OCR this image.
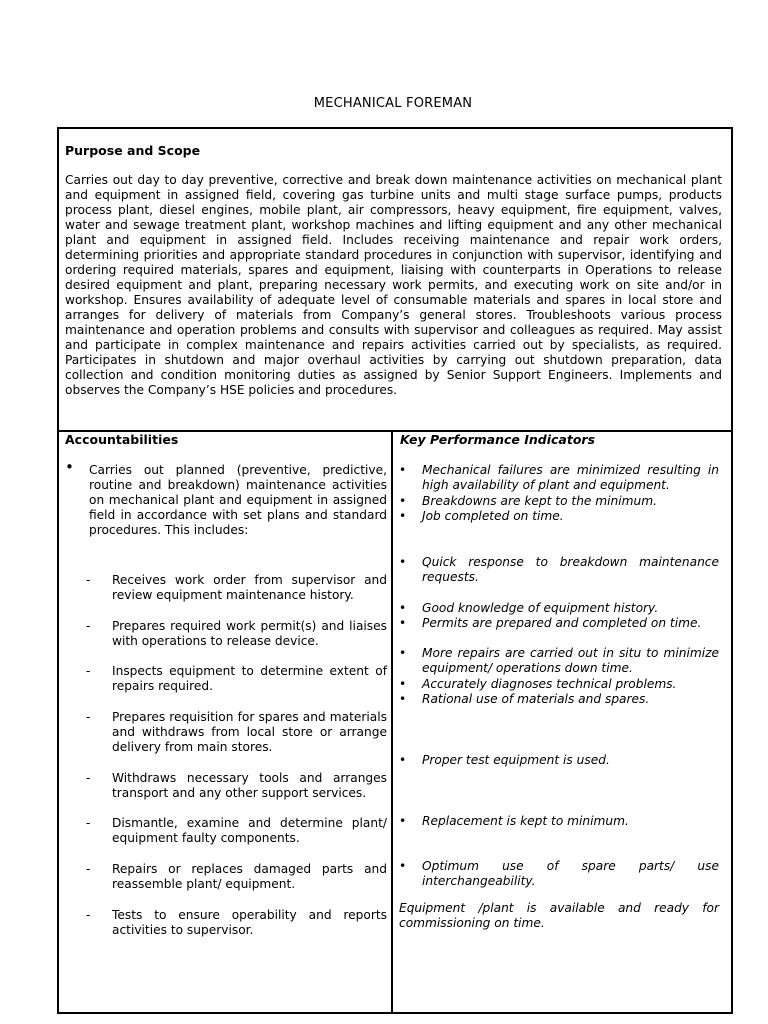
MECHANICAL FOREMAN
Purpose and Scope

Carries out day to day preventive, corrective and break down maintenance activities on mechanical plant and equipment in assigned field, covering gas turbine units and multi stage surface pumps, products process plant, diesel engines, mobile plant, air compressors, heavy equipment, fire equipment, valves, water and sewage treatment plant, workshop machines and lifting equipment and any other mechanical plant and equipment in assigned field. Includes receiving maintenance and repair work orders, determining priorities and appropriate standard procedures in conjunction with supervisor, identifying and ordering required materials, spares and equipment, liaising with counterparts in Operations to release desired equipment and plant, preparing necessary work permits, and executing work on site and/or in workshop. Ensures availability of adequate level of consumable materials and spares in local store and arranges for delivery of materials from Company’s general stores. Troubleshoots various process maintenance and operation problems and consults with supervisor and colleagues as required. May assist and participate in complex maintenance and repairs activities carried out by specialists, as required. Participates in shutdown and major overhaul activities by carrying out shutdown preparation, data collection and condition monitoring duties as assigned by Senior Support Engineers. Implements and observes the Company’s HSE policies and procedures.

Accountabilities
• Carries out planned (preventive, predictive, routine and breakdown) maintenance activities on mechanical plant and equipment in assigned field in accordance with set plans and standard procedures. This includes:
- Receives work order from supervisor and review equipment maintenance history.
- Prepares required work permit(s) and liaises with operations to release device.
- Inspects equipment to determine extent of repairs required.
- Prepares requisition for spares and materials and withdraws from local store or arrange delivery from main stores.
- Withdraws necessary tools and arranges transport and any other support services.
- Dismantle, examine and determine plant/ equipment faulty components.
- Repairs or replaces damaged parts and reassemble plant/ equipment.
- Tests to ensure operability and reports activities to supervisor.
Key Performance Indicators
• Mechanical failures are minimized resulting in high availability of plant and equipment.
• Breakdowns are kept to the minimum.
• Job completed on time.
• Quick response to breakdown maintenance requests.
• Good knowledge of equipment history.
• Permits are prepared and completed on time.
• More repairs are carried out in situ to minimize equipment/ operations down time.
• Accurately diagnoses technical problems.
• Rational use of materials and spares.
• Proper test equipment is used.
• Replacement is kept to minimum.
• Optimum use of spare parts/ use interchangeability.
Equipment /plant is available and ready for commissioning on time.
